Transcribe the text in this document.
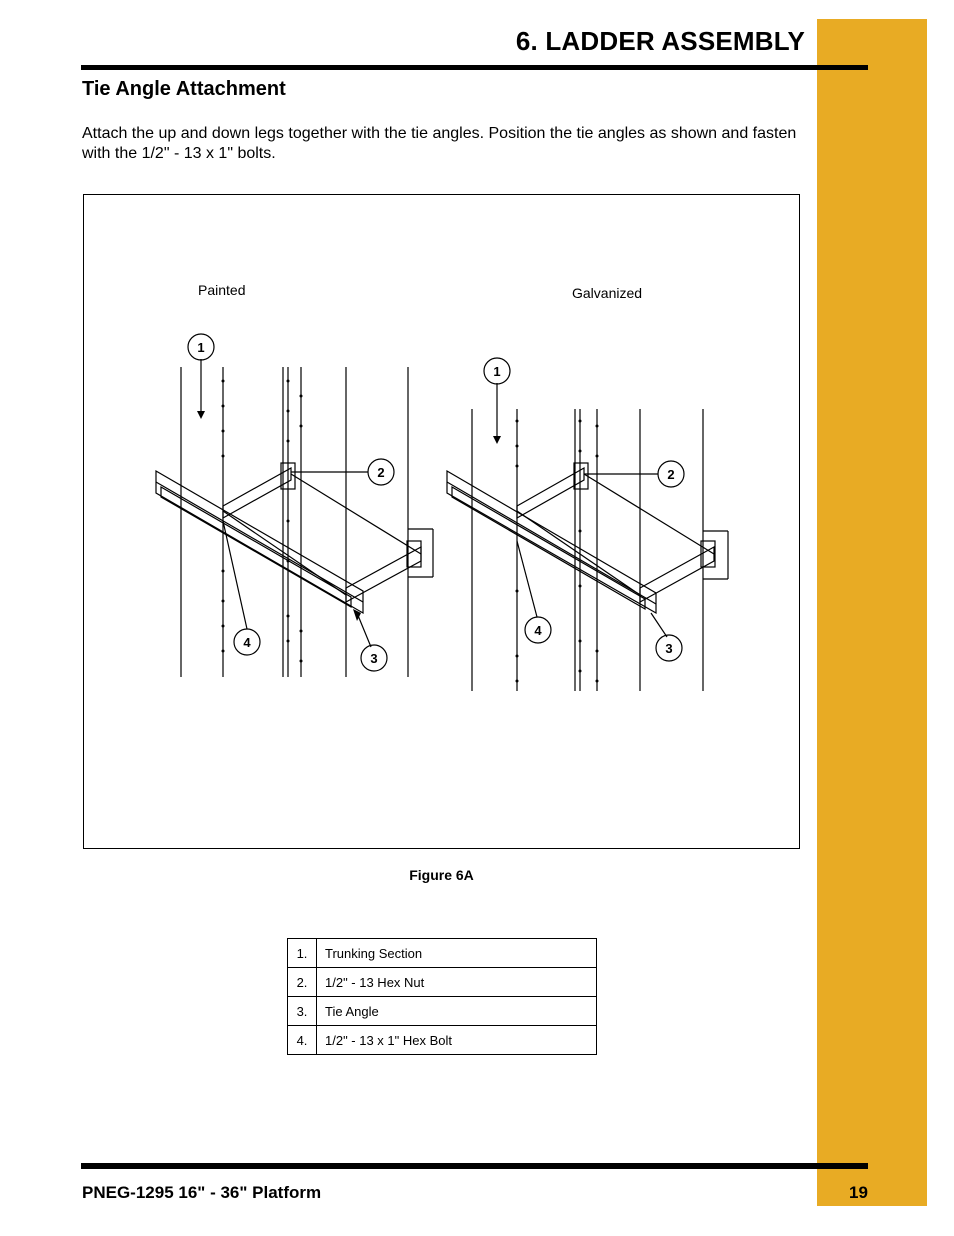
6. LADDER ASSEMBLY
Tie Angle Attachment

Attach the up and down legs together with the tie angles. Position the tie angles as shown and fasten with the 1/2" - 13 x 1" bolts.

Painted	Galvanized
1
2
3
4
1
2
3
4
Figure 6A
1.	Trunking Section
2.	1/2" - 13 Hex Nut
3.	Tie Angle
4.	1/2" - 13 x 1" Hex Bolt
PNEG-1295 16" - 36" Platform	19
